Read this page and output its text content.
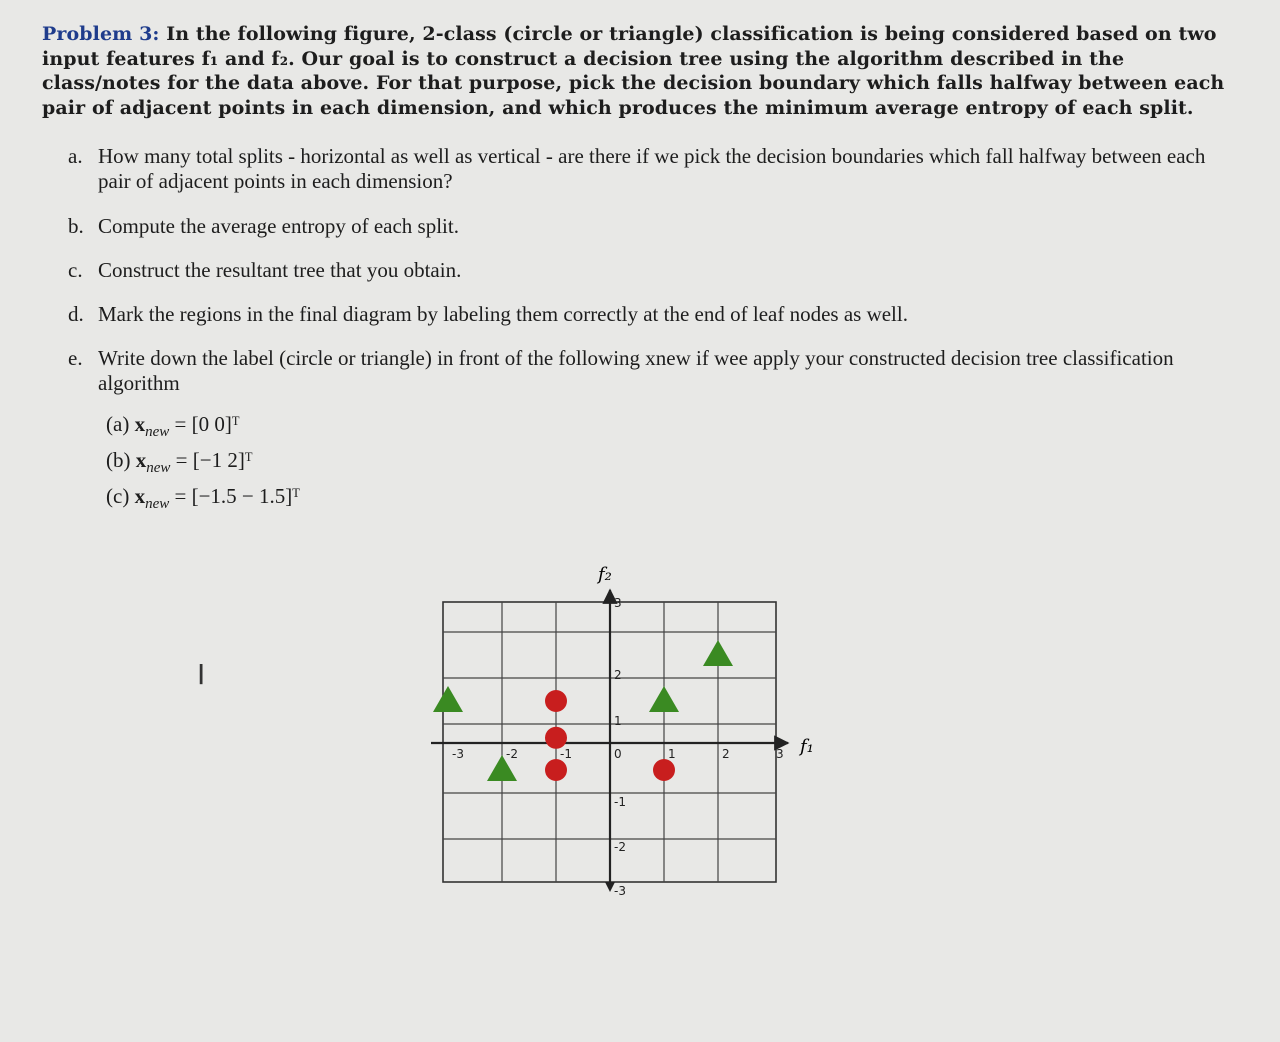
Problem 3: In the following figure, 2-class (circle or triangle) classification is being considered based on two input features f₁ and f₂. Our goal is to construct a decision tree using the algorithm described in the class/notes for the data above. For that purpose, pick the decision boundary which falls halfway between each pair of adjacent points in each dimension, and which produces the minimum average entropy of each split.
a. How many total splits - horizontal as well as vertical - are there if we pick the decision boundaries which fall halfway between each pair of adjacent points in each dimension?
b. Compute the average entropy of each split.
c. Construct the resultant tree that you obtain.
d. Mark the regions in the final diagram by labeling them correctly at the end of leaf nodes as well.
e. Write down the label (circle or triangle) in front of the following xnew if wee apply your constructed decision tree classification algorithm
(a) $x_{new} = [0$ 0]ᵀ
(b) $x_{new} = [-1$ 2]ᵀ
(c) $x_{new} = [-1.5$ − 1.5]ᵀ
I
f₁
f₂
-3	-2	-1	0	1	2	3
3
2
1
-1
-2
-3
